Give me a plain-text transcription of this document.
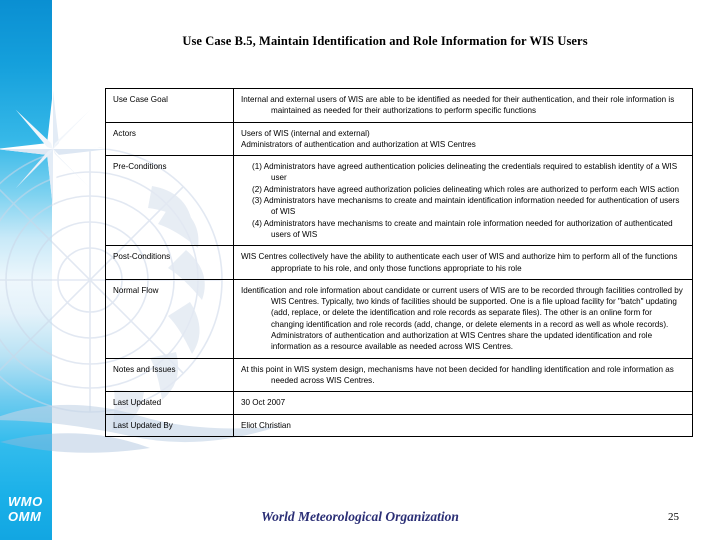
Use Case B.5, Maintain Identification and Role Information for WIS Users
Use Case Goal	Internal and external users of WIS are able to be identified as needed for their authentication, and their role information is maintained as needed for their authorizations to perform specific functions

Actors	Users of WIS (internal and external)
Administrators of authentication and authorization at WIS Centres

Pre-Conditions	(1) Administrators have agreed authentication policies delineating the credentials required to establish identity of a WIS user
(2) Administrators have agreed authorization policies delineating which roles are authorized to perform each WIS action
(3) Administrators have mechanisms to create and maintain identification information needed for authentication of users of WIS
(4) Administrators have mechanisms to create and maintain role information needed for authorization of authenticated users of WIS

Post-Conditions	WIS Centres collectively have the ability to authenticate each user of WIS and authorize him to perform all of the functions appropriate to his role, and only those functions appropriate to his role

Normal Flow	Identification and role information about candidate or current users of WIS are to be recorded through facilities controlled by WIS Centres. Typically, two kinds of facilities should be supported. One is a file upload facility for "batch" updating (add, replace, or delete the identification and role records as separate files). The other is an online form for changing identification and role records (add, change, or delete elements in a record as well as whole records). Administrators of authentication and authorization at WIS Centres share the updated identification and role information as a resource available as needed across WIS Centres.

Notes and Issues	At this point in WIS system design, mechanisms have not been decided for handling identification and role information as needed across WIS Centres.

Last Updated	30 Oct 2007

Last Updated By	Eliot Christian
WMO
OMM	World Meteorological Organization	25
